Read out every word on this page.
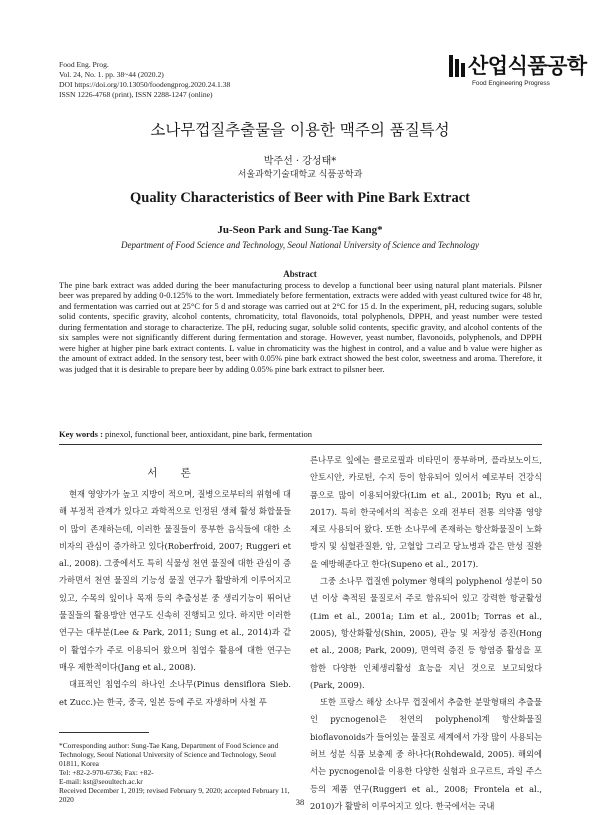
Food Eng. Prog.
Vol. 24, No. 1. pp. 38~44 (2020.2)
DOI https://doi.org/10.13050/foodengprog.2020.24.1.38
ISSN 1226-4768 (print), ISSN 2288-1247 (online)
산업식품공학
Food Engineering Progress
소나무껍질추출물을 이용한 맥주의 품질특성
박주선 · 강성태*
서울과학기술대학교 식품공학과
Quality Characteristics of Beer with Pine Bark Extract
Ju-Seon Park and Sung-Tae Kang*
Department of Food Science and Technology, Seoul National University of Science and Technology
Abstract
The pine bark extract was added during the beer manufacturing process to develop a functional beer using natural plant materials. Pilsner beer was prepared by adding 0-0.125% to the wort. Immediately before fermentation, extracts were added with yeast cultured twice for 48 hr, and fermentation was carried out at 25°C for 5 d and storage was carried out at 2°C for 15 d. In the experiment, pH, reducing sugars, soluble solid contents, specific gravity, alcohol contents, chromaticity, total flavonoids, total polyphenols, DPPH, and yeast number were tested during fermentation and storage to characterize. The pH, reducing sugar, soluble solid contents, specific gravity, and alcohol contents of the six samples were not significantly different during fermentation and storage. However, yeast number, flavonoids, polyphenols, and DPPH were higher at higher pine bark extract contents. L value in chromaticity was the highest in control, and a value and b value were higher as the amount of extract added. In the sensory test, beer with 0.05% pine bark extract showed the best color, sweetness and aroma. Therefore, it was judged that it is desirable to prepare beer by adding 0.05% pine bark extract to pilsner beer.
Key words : pinexol, functional beer, antioxidant, pine bark, fermentation
서 론

현재 영양가가 높고 지방이 적으며, 질병으로부터의 위험에 대해 부정적 관계가 있다고 과학적으로 인정된 생체 활성 화합물들이 많이 존재하는데, 이러한 물질들이 풍부한 음식들에 대한 소비자의 관심이 증가하고 있다(Roberfroid, 2007; Ruggeri et al., 2008). 그중에서도 특히 식물성 천연 물질에 대한 관심이 증가하면서 천연 물질의 기능성 물질 연구가 활발하게 이루어지고 있고, 수목의 잎이나 목재 등의 추출성분 중 생리기능이 뛰어난 물질들의 활용방안 연구도 신속히 진행되고 있다. 하지만 이러한 연구는 대부분(Lee & Park, 2011; Sung et al., 2014)과 같이 활엽수가 주로 이용되어 왔으며 침엽수 활용에 대한 연구는 매우 제한적이다(Jang et al., 2008).

대표적인 침엽수의 하나인 소나무(Pinus densiflora Sieb. et Zucc.)는 한국, 중국, 일본 등에 주로 자생하며 사철 푸

른나무로 잎에는 클로로필과 비타민이 풍부하며, 플라보노이드, 안토시안, 카로틴, 수지 등이 함유되어 있어서 예로부터 건강식품으로 많이 이용되어왔다(Lim et al., 2001b; Ryu et al., 2017). 특히 한국에서의 적송은 오래 전부터 전통 의약품 영양제로 사용되어 왔다. 또한 소나무에 존재하는 항산화물질이 노화 방지 및 심혈관질환, 암, 고혈압 그리고 당뇨병과 같은 만성 질환을 예방해준다고 한다(Supeno et al., 2017).

그중 소나무 껍질엔 polymer 형태의 polyphenol 성분이 50년 이상 축적된 물질로서 주로 함유되어 있고 강력한 항균활성(Lim et al., 2001a; Lim et al., 2001b; Torras et al., 2005), 항산화활성(Shin, 2005), 관능 및 저장성 증진(Hong et al., 2008; Park, 2009), 면역력 증진 등 항염증 활성을 포함한 다양한 인체생리활성 효능을 지닌 것으로 보고되었다(Park, 2009).

또한 프랑스 해상 소나무 껍질에서 추출한 분말형태의 추출물인 pycnogenol은 천연의 polyphenol계 항산화물질 bioflavonoids가 들어있는 물질로 세계에서 가장 많이 사용되는 허브 성분 식품 보충제 중 하나다(Rohdewald, 2005). 해외에서는 pycnogenol을 이용한 다양한 실험과 요구르트, 과일 주스 등의 제품 연구(Ruggeri et al., 2008; Frontela et al., 2010)가 활발히 이루어지고 있다. 한국에서는 국내

*Corresponding author: Sung-Tae Kang, Department of Food Science and Technology, Seoul National University of Science and Technology, Seoul 01811, Korea
Tel: +82-2-970-6736; Fax: +82-
E-mail: kst@seoultech.ac.kr
Received December 1, 2019; revised February 9, 2020; accepted February 11, 2020	38
